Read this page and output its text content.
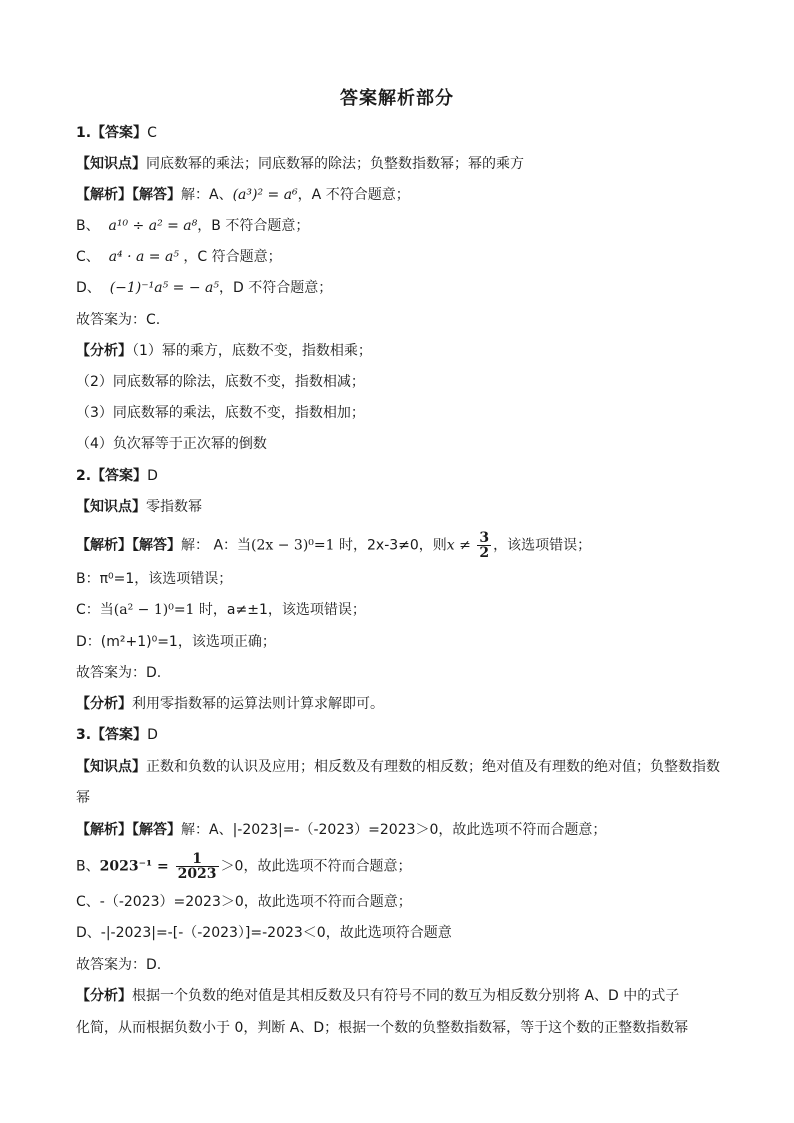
答案解析部分
1.【答案】C
【知识点】同底数幂的乘法；同底数幂的除法；负整数指数幂；幂的乘方
【解析】【解答】解：A、(a³)² = a⁶，A 不符合题意；
B、 a¹⁰ ÷ a² = a⁸，B 不符合题意；
C、 a⁴ · a = a⁵ ，C 符合题意；
D、 (−1)⁻¹a⁵ = − a⁵，D 不符合题意；
故答案为：C.
【分析】（1）幂的乘方，底数不变，指数相乘；
（2）同底数幂的除法，底数不变，指数相减；
（3）同底数幂的乘法，底数不变，指数相加；
（4）负次幂等于正次幂的倒数
2.【答案】D
【知识点】零指数幂
【解析】【解答】解： A：当(2x − 3)⁰=1 时，2x-3≠0，则$x \ne \frac{3}{2}$ ，该选项错误；
B：π⁰=1，该选项错误；
C：当(a² − 1)⁰=1 时，a≠±1，该选项错误；
D：(m²+1)⁰=1，该选项正确；
故答案为：D.
【分析】利用零指数幂的运算法则计算求解即可。
3.【答案】D
【知识点】正数和负数的认识及应用；相反数及有理数的相反数；绝对值及有理数的绝对值；负整数指数
幂
【解析】【解答】解：A、|-2023|=-（-2023）=2023＞0，故此选项不符而合题意；
B、$2023^{-1} = \frac{1}{2023} >0$，故此选项不符而合题意；
C、-（-2023）=2023＞0，故此选项不符而合题意；
D、-|-2023|=-[-（-2023）]=-2023＜0，故此选项符合题意
故答案为：D.
【分析】根据一个负数的绝对值是其相反数及只有符号不同的数互为相反数分别将 A、D 中的式子
化简，从而根据负数小于 0，判断 A、D；根据一个数的负整数指数幂，等于这个数的正整数指数幂
